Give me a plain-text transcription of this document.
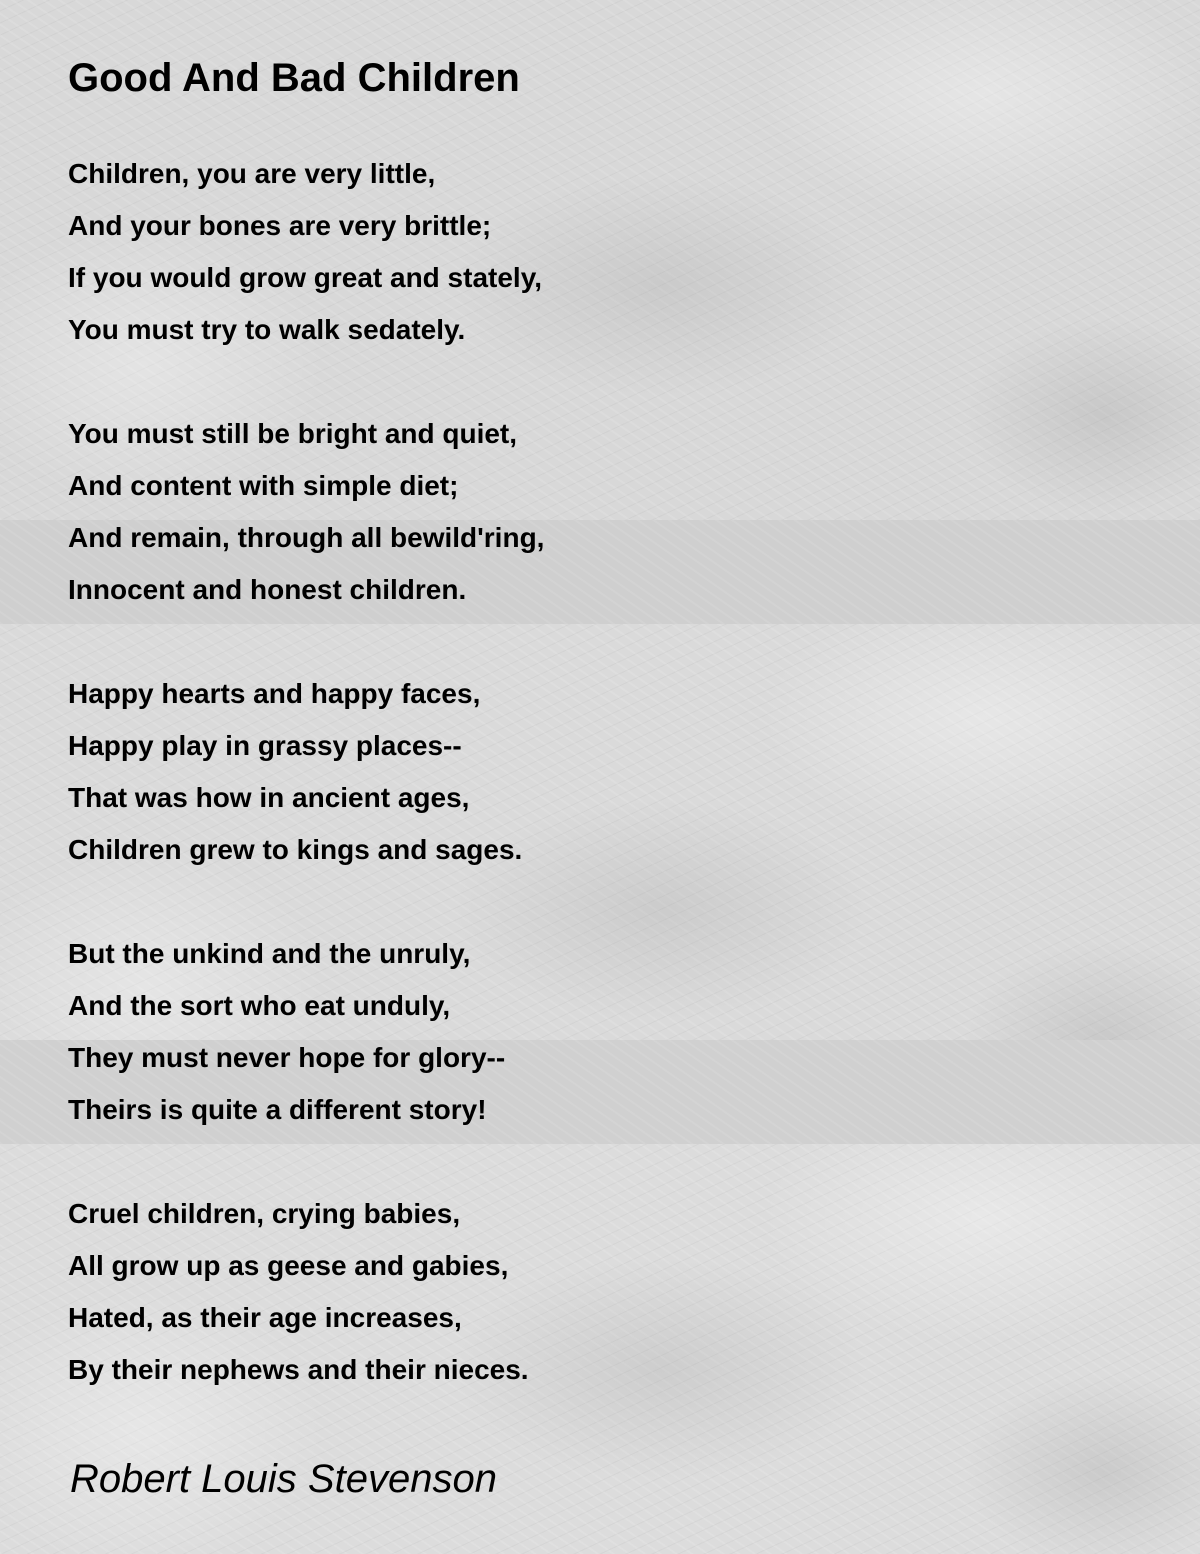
Good And Bad Children
Children, you are very little,
And your bones are very brittle;
If you would grow great and stately,
You must try to walk sedately.
You must still be bright and quiet,
And content with simple diet;
And remain, through all bewild'ring,
Innocent and honest children.
Happy hearts and happy faces,
Happy play in grassy places--
That was how in ancient ages,
Children grew to kings and sages.
But the unkind and the unruly,
And the sort who eat unduly,
They must never hope for glory--
Theirs is quite a different story!
Cruel children, crying babies,
All grow up as geese and gabies,
Hated, as their age increases,
By their nephews and their nieces.

Robert Louis Stevenson
